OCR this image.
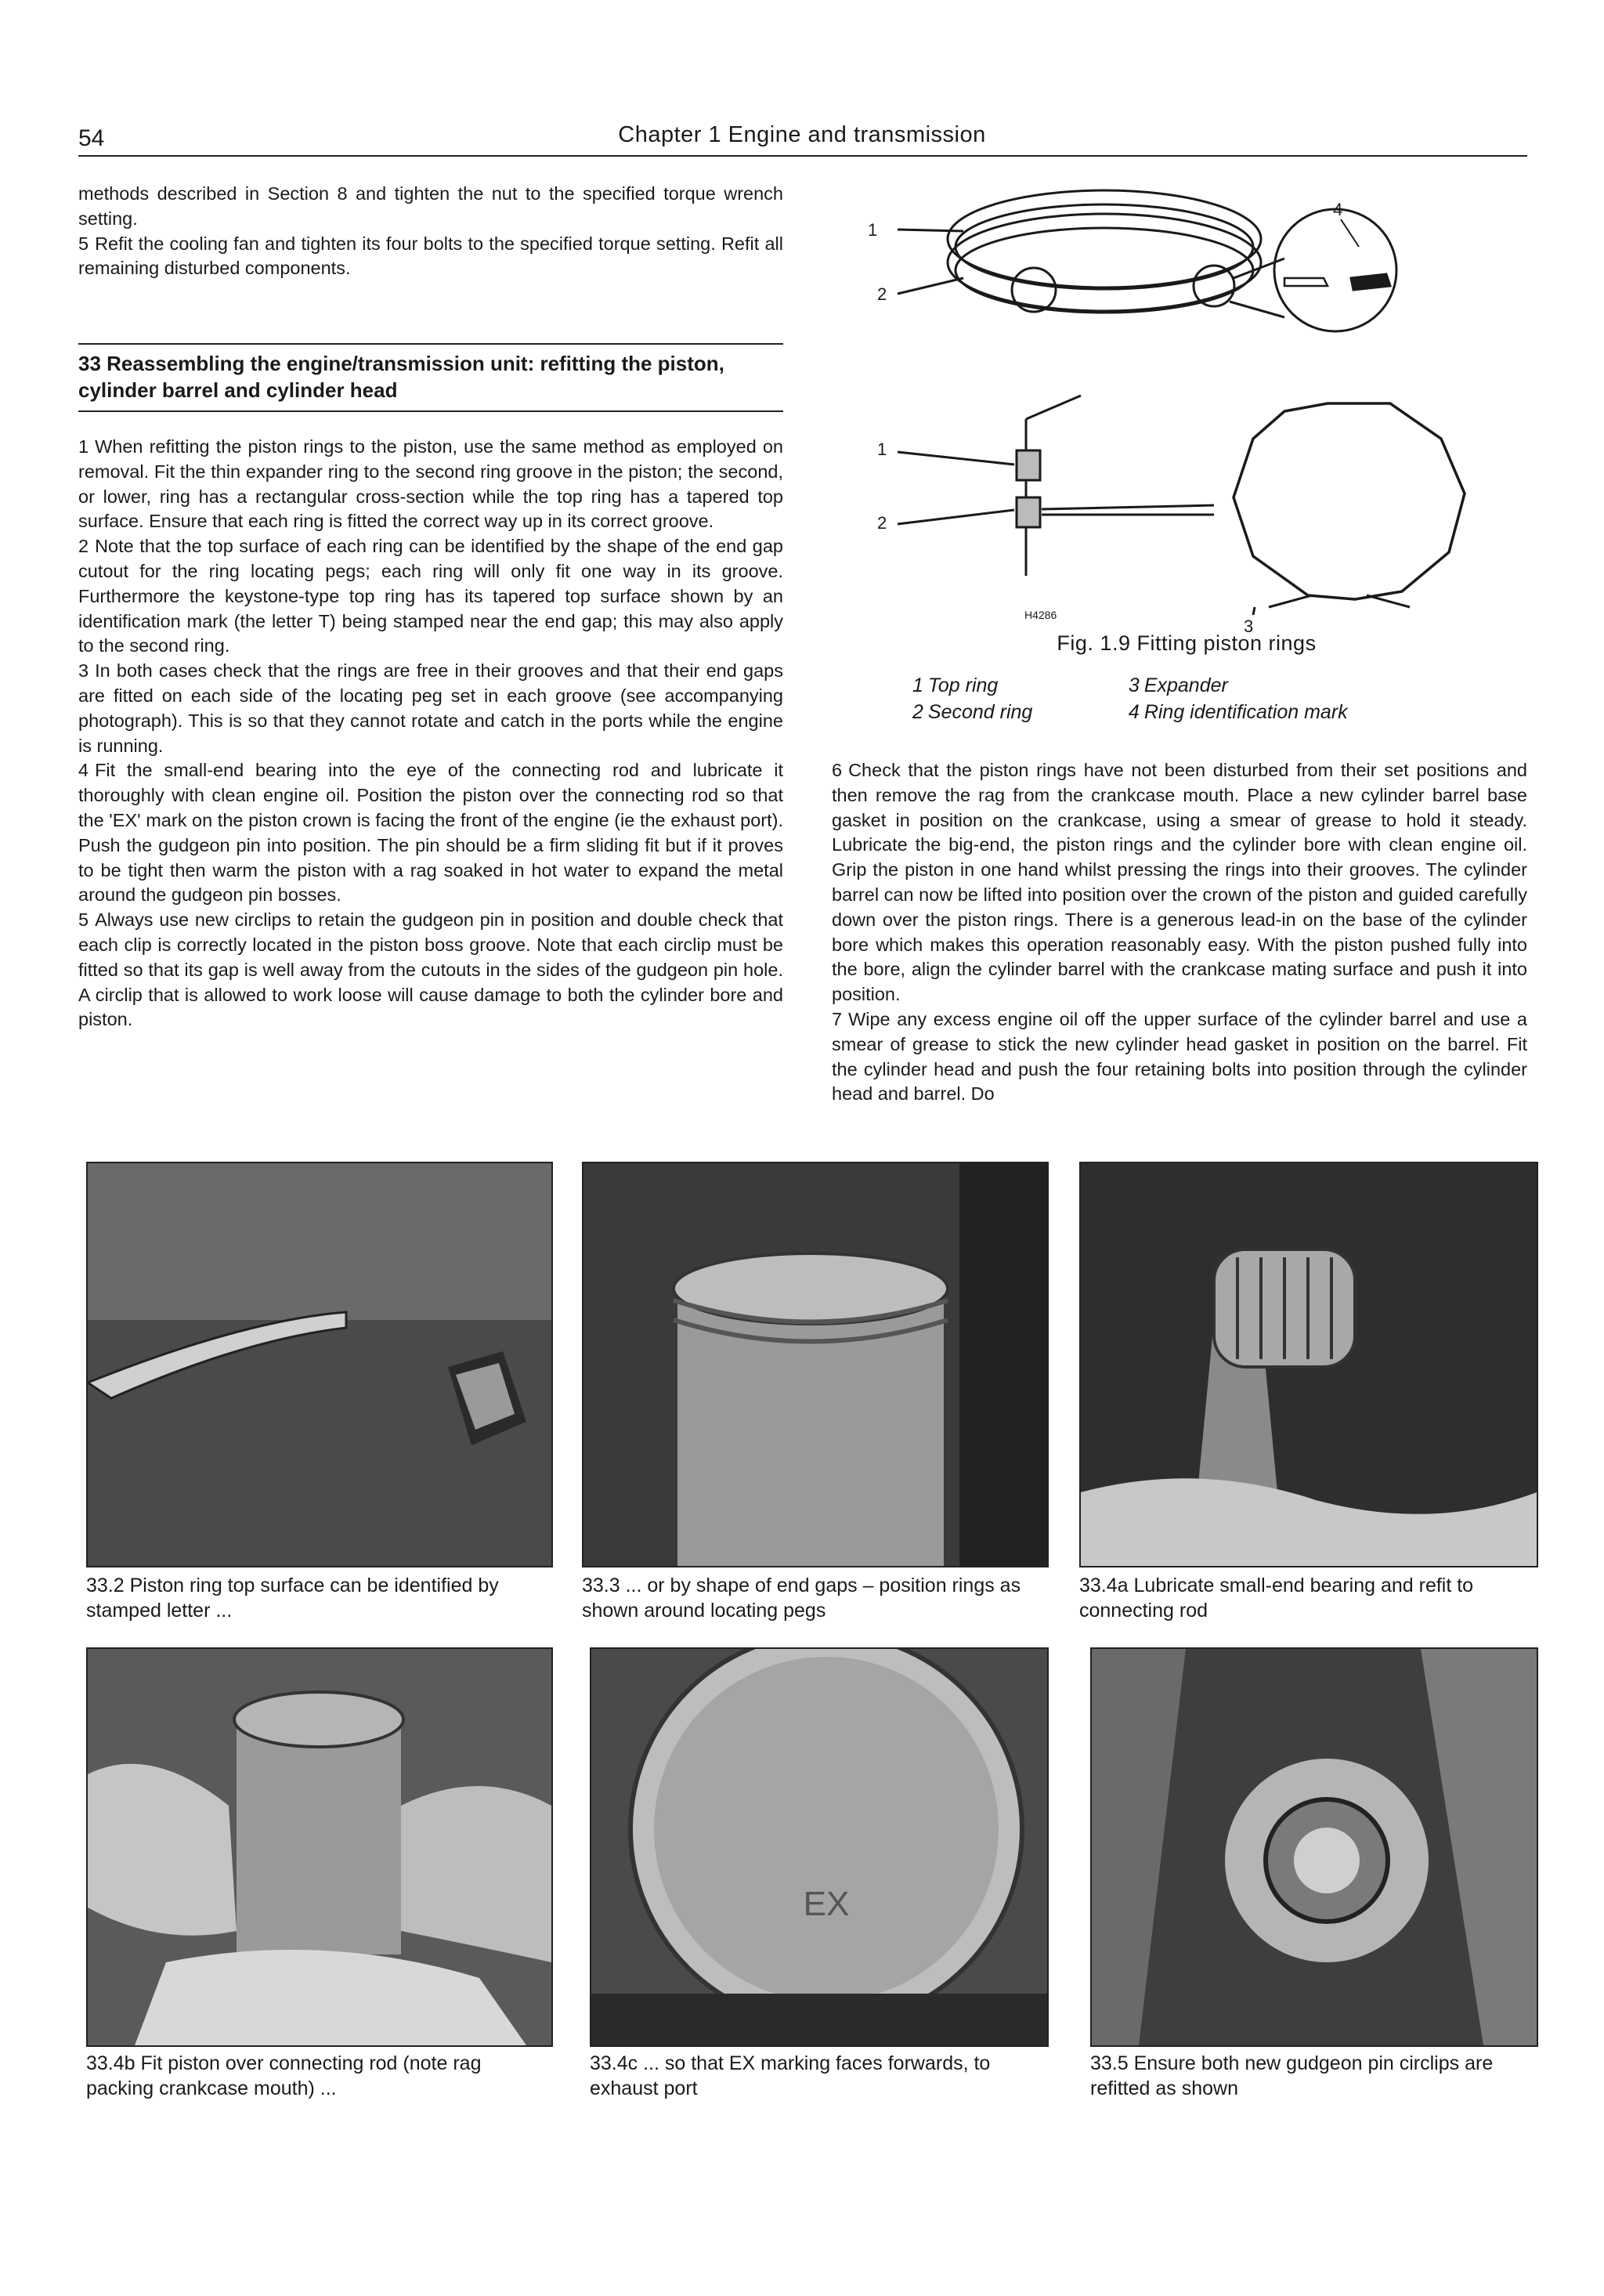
54	Chapter 1 Engine and transmission

methods described in Section 8 and tighten the nut to the specified torque wrench setting.

5 Refit the cooling fan and tighten its four bolts to the specified torque setting. Refit all remaining disturbed components.

33 Reassembling the engine/transmission unit: refitting the piston, cylinder barrel and cylinder head

1 When refitting the piston rings to the piston, use the same method as employed on removal. Fit the thin expander ring to the second ring groove in the piston; the second, or lower, ring has a rectangular cross-section while the top ring has a tapered top surface. Ensure that each ring is fitted the correct way up in its correct groove.

2 Note that the top surface of each ring can be identified by the shape of the end gap cutout for the ring locating pegs; each ring will only fit one way in its groove. Furthermore the keystone-type top ring has its tapered top surface shown by an identification mark (the letter T) being stamped near the end gap; this may also apply to the second ring.

3 In both cases check that the rings are free in their grooves and that their end gaps are fitted on each side of the locating peg set in each groove (see accompanying photograph). This is so that they cannot rotate and catch in the ports while the engine is running.

4 Fit the small-end bearing into the eye of the connecting rod and lubricate it thoroughly with clean engine oil. Position the piston over the connecting rod so that the 'EX' mark on the piston crown is facing the front of the engine (ie the exhaust port). Push the gudgeon pin into position. The pin should be a firm sliding fit but if it proves to be tight then warm the piston with a rag soaked in hot water to expand the metal around the gudgeon pin bosses.

5 Always use new circlips to retain the gudgeon pin in position and double check that each clip is correctly located in the piston boss groove. Note that each circlip must be fitted so that its gap is well away from the cutouts in the sides of the gudgeon pin hole. A circlip that is allowed to work loose will cause damage to both the cylinder bore and piston.

1
2
4
1
2
3
H4286
Fig. 1.9 Fitting piston rings
1	Top ring	3	Expander
2	Second ring	4	Ring identification mark

6 Check that the piston rings have not been disturbed from their set positions and then remove the rag from the crankcase mouth. Place a new cylinder barrel base gasket in position on the crankcase, using a smear of grease to hold it steady. Lubricate the big-end, the piston rings and the cylinder bore with clean engine oil. Grip the piston in one hand whilst pressing the rings into their grooves. The cylinder barrel can now be lifted into position over the crown of the piston and guided carefully down over the piston rings. There is a generous lead-in on the base of the cylinder bore which makes this operation reasonably easy. With the piston pushed fully into the bore, align the cylinder barrel with the crankcase mating surface and push it into position.

7 Wipe any excess engine oil off the upper surface of the cylinder barrel and use a smear of grease to stick the new cylinder head gasket in position on the barrel. Fit the cylinder head and push the four retaining bolts into position through the cylinder head and barrel. Do

33.2 Piston ring top surface can be identified by stamped letter ...
33.3 ... or by shape of end gaps – position rings as shown around locating pegs
33.4a Lubricate small-end bearing and refit to connecting rod
EX
33.4b Fit piston over connecting rod (note rag packing crankcase mouth) ...
33.4c ... so that EX marking faces forwards, to exhaust port
33.5 Ensure both new gudgeon pin circlips are refitted as shown
